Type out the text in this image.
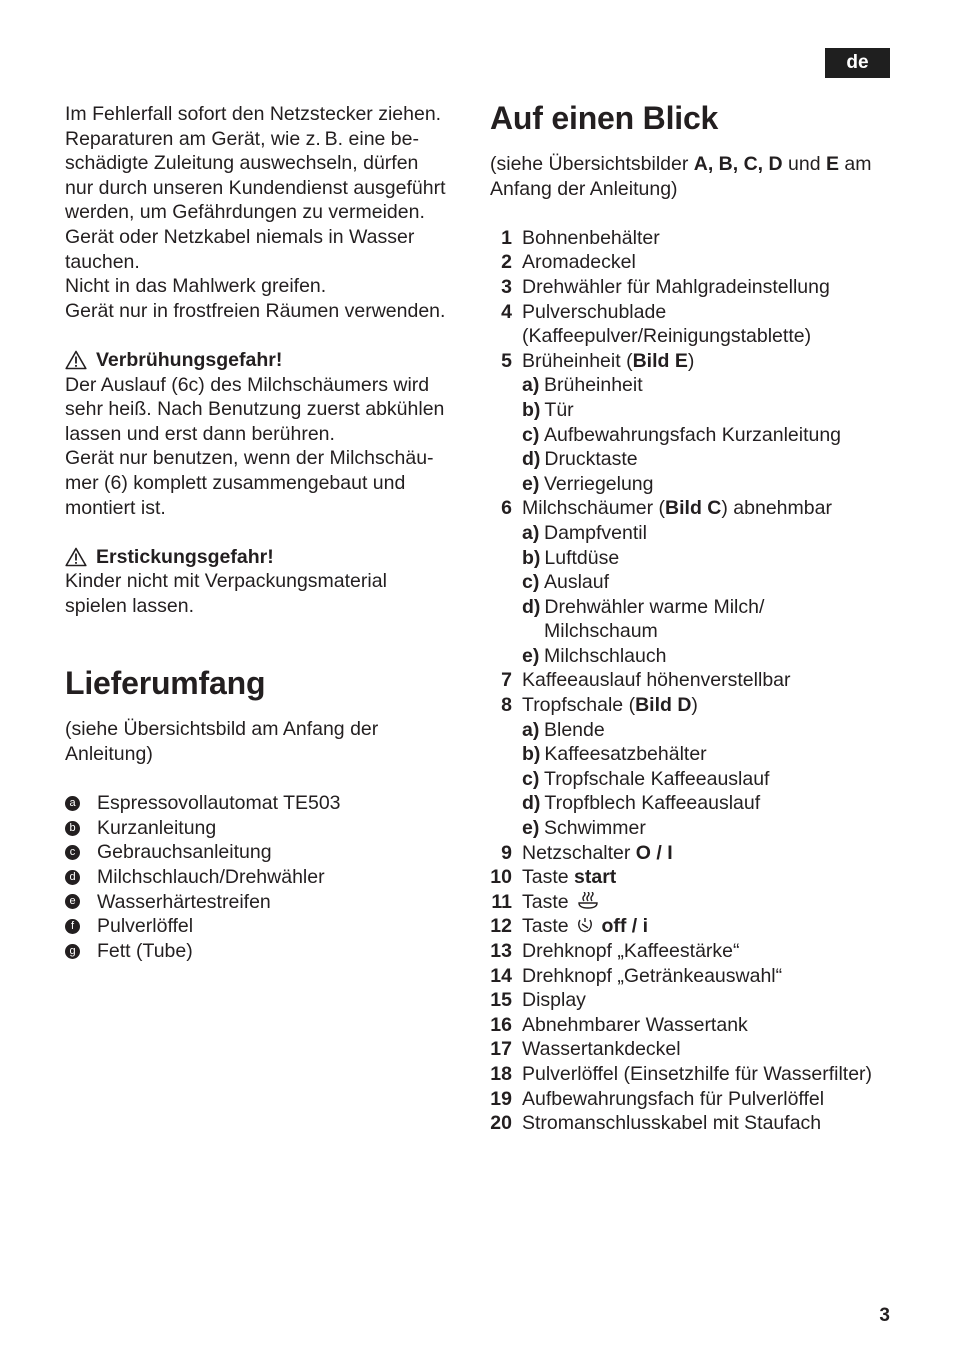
de

Im Fehlerfall sofort den Netzstecker ziehen.

Reparaturen am Gerät, wie z. B. eine be-

schädigte Zuleitung auswechseln, dürfen

nur durch unseren Kundendienst ausgeführt

werden, um Gefährdungen zu vermeiden.

Gerät oder Netzkabel niemals in Wasser

tauchen.

Nicht in das Mahlwerk greifen.

Gerät nur in frostfreien Räumen verwenden.

Verbrühungsgefahr!

Der Auslauf (6c) des Milchschäumers wird

sehr heiß. Nach Benutzung zuerst abkühlen

lassen und erst dann berühren.

Gerät nur benutzen, wenn der Milchschäu-

mer (6) komplett zusammengebaut und

montiert ist.

Erstickungsgefahr!

Kinder nicht mit Verpackungsmaterial

spielen lassen.

Lieferumfang

(siehe Übersichtsbild am Anfang der

Anleitung)

a Espressovollautomat TE503
b Kurzanleitung
c Gebrauchsanleitung
d Milchschlauch/Drehwähler
e Wasserhärtestreifen
f	Pulverlöffel
g Fett (Tube)
Auf einen Blick

(siehe Übersichtsbilder A, B, C, D und E am

Anfang der Anleitung)

1 Bohnenbehälter
2 Aromadeckel
3 Drehwähler für Mahlgradeinstellung
4 Pulverschublade
(Kaffeepulver/Reinigungstablette)
5 Brüheinheit (Bild E)
a) Brüheinheit
b) Tür
c) Aufbewahrungsfach Kurzanleitung
d) Drucktaste
e) Verriegelung
6 Milchschäumer (Bild C) abnehmbar
a) Dampfventil
b) Luftdüse
c) Auslauf
d) Drehwähler warme Milch/
Milchschaum
e) Milchschlauch
7 Kaffeeauslauf höhenverstellbar
8 Tropfschale (Bild D)
a) Blende
b) Kaffeesatzbehälter
c) Tropfschale Kaffeeauslauf
d) Tropfblech Kaffeeauslauf
e) Schwimmer
9 Netzschalter O / I
10 Taste start
11 Taste
12 Taste off / i
13 Drehknopf „Kaffeestärke“
14 Drehknopf „Getränkeauswahl“
15 Display
16 Abnehmbarer Wassertank
17 Wassertankdeckel
18 Pulverlöffel (Einsetzhilfe für Wasserfilter)
19 Aufbewahrungsfach für Pulverlöffel
20 Stromanschlusskabel mit Staufach
3
